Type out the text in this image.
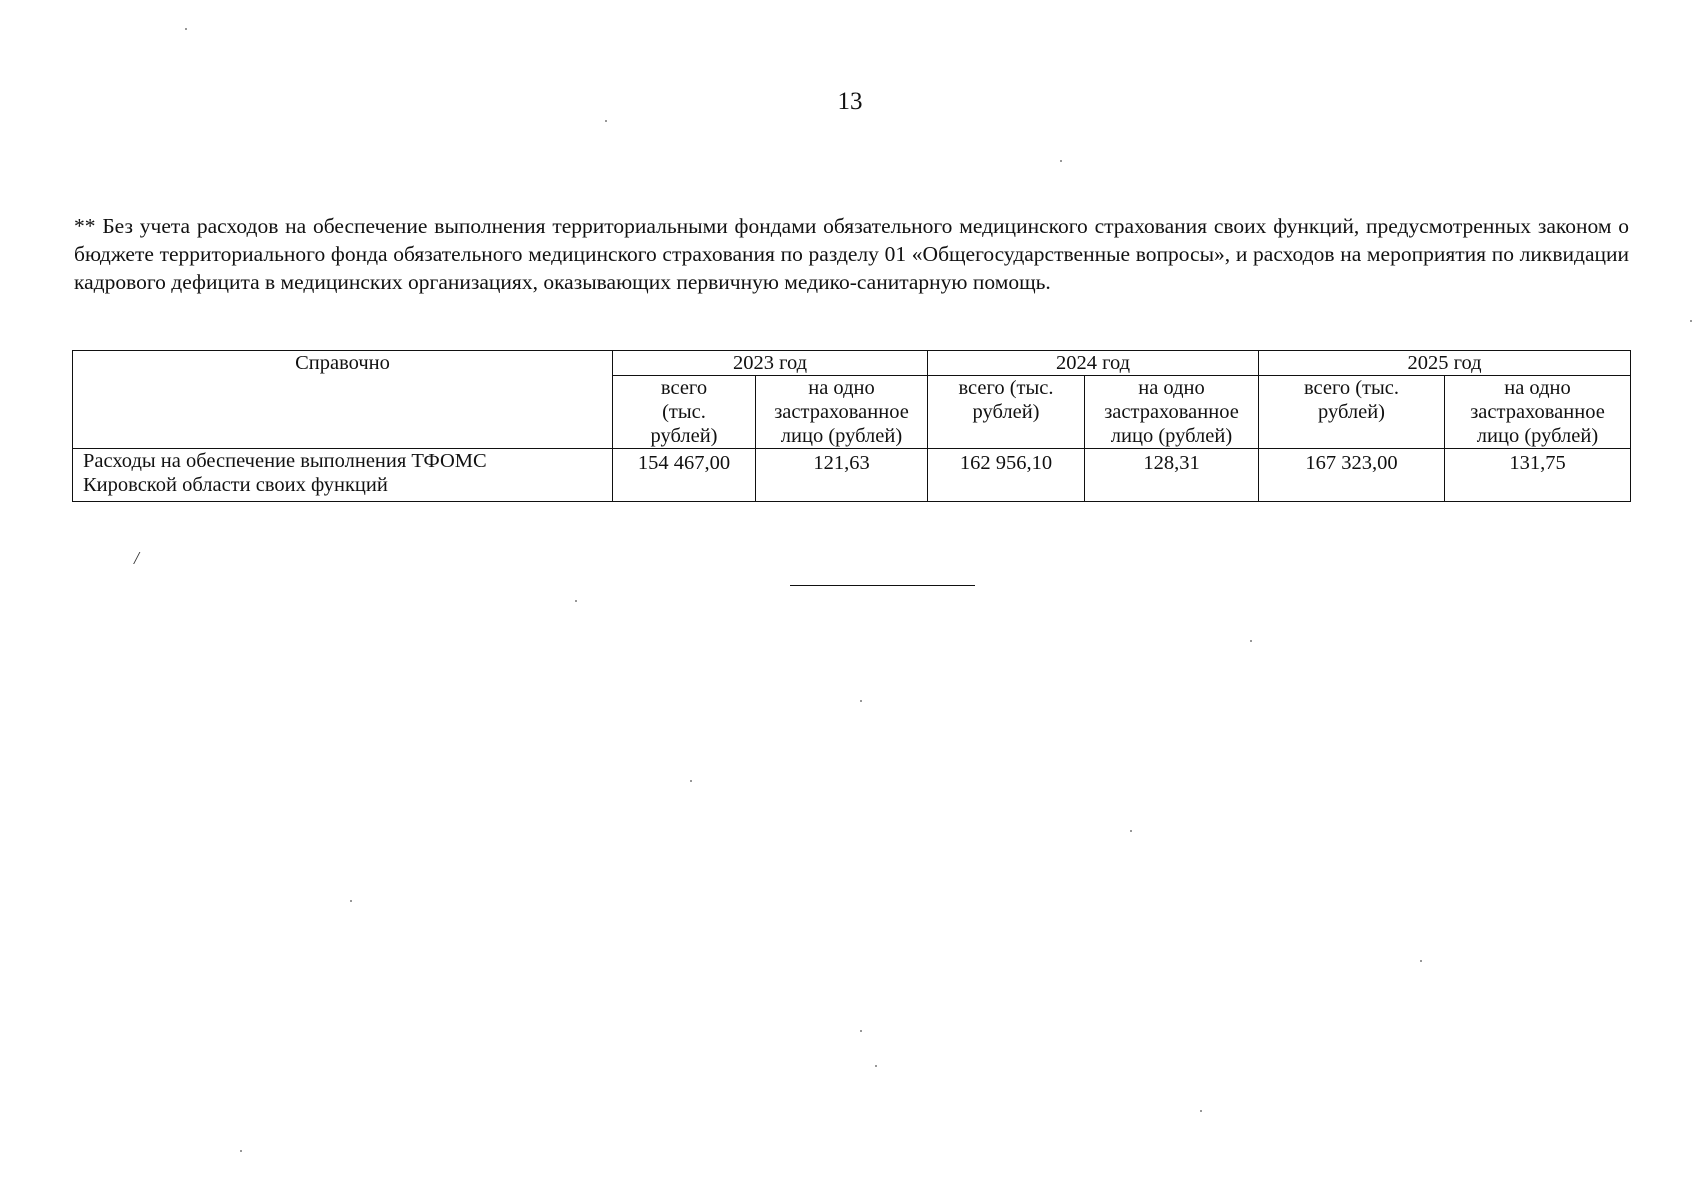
13

** Без учета расходов на обеспечение выполнения территориальными фондами обязательного медицинского страхования своих функций, предусмотренных законом о бюджете территориального фонда обязательного медицинского страхования по разделу 01 «Общегосударственные вопросы», и расходов на мероприятия по ликвидации кадрового дефицита в медицинских организациях, оказывающих первичную медико-санитарную помощь.

Справочно	2023 год		2024 год		2025 год	
	всего (тыс. рублей)	на одно застрахованное лицо (рублей)	всего (тыс. рублей)	на одно застрахованное лицо (рублей)	всего (тыс. рублей)	на одно застрахованное лицо (рублей)
Расходы на обеспечение выполнения ТФОМС Кировской области своих функций	154 467,00	121,63	162 956,10	128,31	167 323,00	131,75
/
